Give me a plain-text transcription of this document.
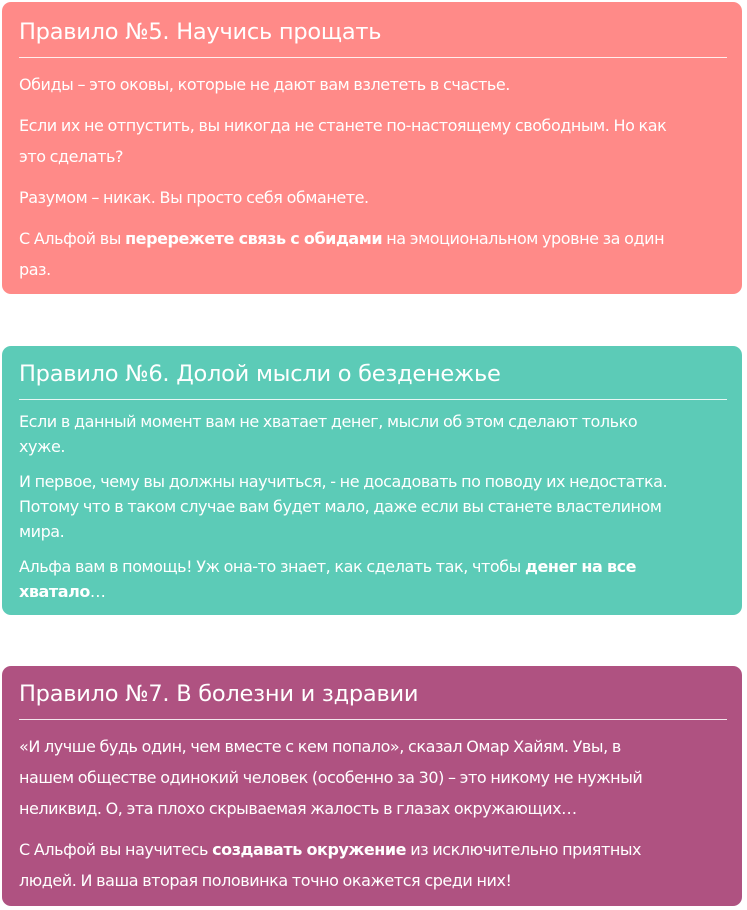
Правило №5. Научись прощать

Обиды – это оковы, которые не дают вам взлететь в счастье.

Если их не отпустить, вы никогда не станете по-настоящему свободным. Но как
это сделать?

Разумом – никак. Вы просто себя обманете.

С Альфой вы перережете связь с обидами на эмоциональном уровне за один
раз.

Правило №6. Долой мысли о безденежье

Если в данный момент вам не хватает денег, мысли об этом сделают только
хуже.

И первое, чему вы должны научиться, - не досадовать по поводу их недостатка.
Потому что в таком случае вам будет мало, даже если вы станете властелином
мира.

Альфа вам в помощь! Уж она-то знает, как сделать так, чтобы денег на все
хватало…

Правило №7. В болезни и здравии

«И лучше будь один, чем вместе с кем попало», сказал Омар Хайям. Увы, в
нашем обществе одинокий человек (особенно за 30) – это никому не нужный
неликвид. О, эта плохо скрываемая жалость в глазах окружающих…

С Альфой вы научитесь создавать окружение из исключительно приятных
людей. И ваша вторая половинка точно окажется среди них!
